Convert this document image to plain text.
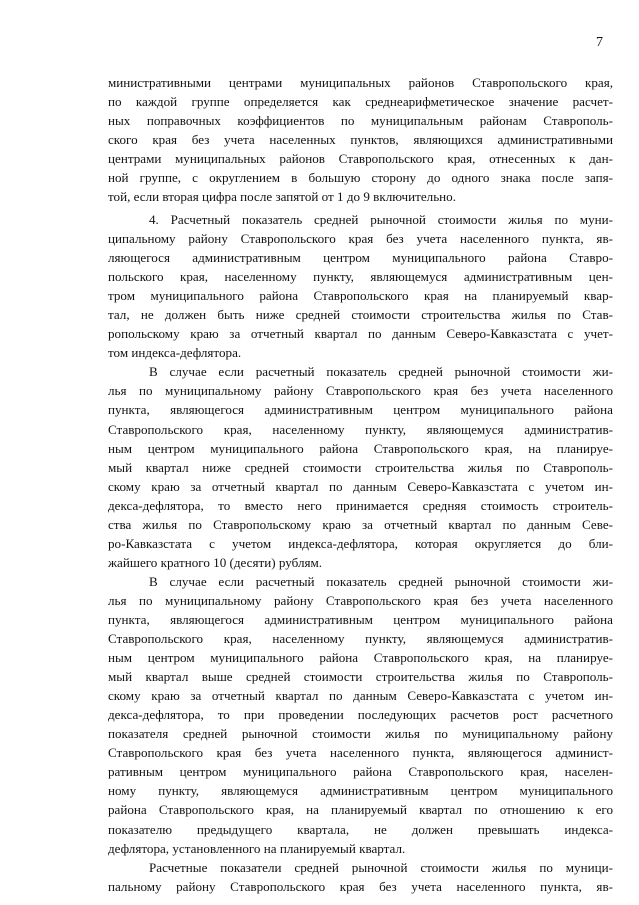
7
министративными центрами муниципальных районов Ставропольского края,
по каждой группе определяется как среднеарифметическое значение расчет-
ных поправочных коэффициентов по муниципальным районам Ставрополь-
ского края без учета населенных пунктов, являющихся административными
центрами муниципальных районов Ставропольского края, отнесенных к дан-
ной группе, с округлением в большую сторону до одного знака после запя-
той, если вторая цифра после запятой от 1 до 9 включительно.
4. Расчетный показатель средней рыночной стоимости жилья по муни-
ципальному району Ставропольского края без учета населенного пункта, яв-
ляющегося административным центром муниципального района Ставро-
польского края, населенному пункту, являющемуся административным цен-
тром муниципального района Ставропольского края на планируемый квар-
тал, не должен быть ниже средней стоимости строительства жилья по Став-
ропольскому краю за отчетный квартал по данным Северо-Кавказстата с учет-
том индекса-дефлятора.
В случае если расчетный показатель средней рыночной стоимости жи-
лья по муниципальному району Ставропольского края без учета населенного
пункта, являющегося административным центром муниципального района
Ставропольского края, населенному пункту, являющемуся административ-
ным центром муниципального района Ставропольского края, на планируе-
мый квартал ниже средней стоимости строительства жилья по Ставрополь-
скому краю за отчетный квартал по данным Северо-Кавказстата с учетом ин-
декса-дефлятора, то вместо него принимается средняя стоимость строитель-
ства жилья по Ставропольскому краю за отчетный квартал по данным Севе-
ро-Кавказстата с учетом индекса-дефлятора, которая округляется до бли-
жайшего кратного 10 (десяти) рублям.
В случае если расчетный показатель средней рыночной стоимости жи-
лья по муниципальному району Ставропольского края без учета населенного
пункта, являющегося административным центром муниципального района
Ставропольского края, населенному пункту, являющемуся административ-
ным центром муниципального района Ставропольского края, на планируе-
мый квартал выше средней стоимости строительства жилья по Ставрополь-
скому краю за отчетный квартал по данным Северо-Кавказстата с учетом ин-
декса-дефлятора, то при проведении последующих расчетов рост расчетного
показателя средней рыночной стоимости жилья по муниципальному району
Ставропольского края без учета населенного пункта, являющегося админист-
ративным центром муниципального района Ставропольского края, населен-
ному пункту, являющемуся административным центром муниципального
района Ставропольского края, на планируемый квартал по отношению к его
показателю предыдущего квартала, не должен превышать индекса-
дефлятора, установленного на планируемый квартал.
Расчетные показатели средней рыночной стоимости жилья по муници-
пальному району Ставропольского края без учета населенного пункта, яв-
